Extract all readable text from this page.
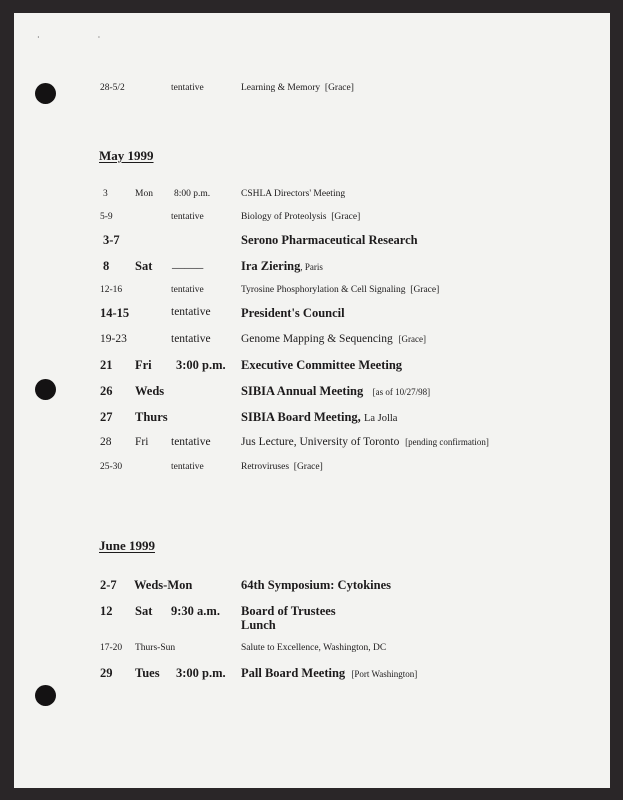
· ·
28-5/2	tentative	Learning & Memory [Grace]
May 1999
3	Mon 8:00 p.m.	CSHLA Directors' Meeting
5-9	tentative	Biology of Proteolysis [Grace]
3-7	Serono Pharmaceutical Research
8 Sat _____	Ira Ziering, Paris
12-16	tentative	Tyrosine Phosphorylation & Cell Signaling [Grace]
14-15	tentative President's Council
19-23	tentative	Genome Mapping & Sequencing [Grace]
21 Fri 3:00 p.m. Executive Committee Meeting
26 Weds	SIBIA Annual Meeting [as of 10/27/98]
27 Thurs	SIBIA Board Meeting, La Jolla
28 Fri tentative	Jus Lecture, University of Toronto [pending confirmation]
25-30	tentative	Retroviruses [Grace]
June 1999
2-7 Weds-Mon	64th Symposium: Cytokines
12 Sat 9:30 a.m. Board of Trustees
Lunch
17-20 Thurs-Sun	Salute to Excellence, Washington, DC
29 Tues 3:00 p.m. Pall Board Meeting [Port Washington]
